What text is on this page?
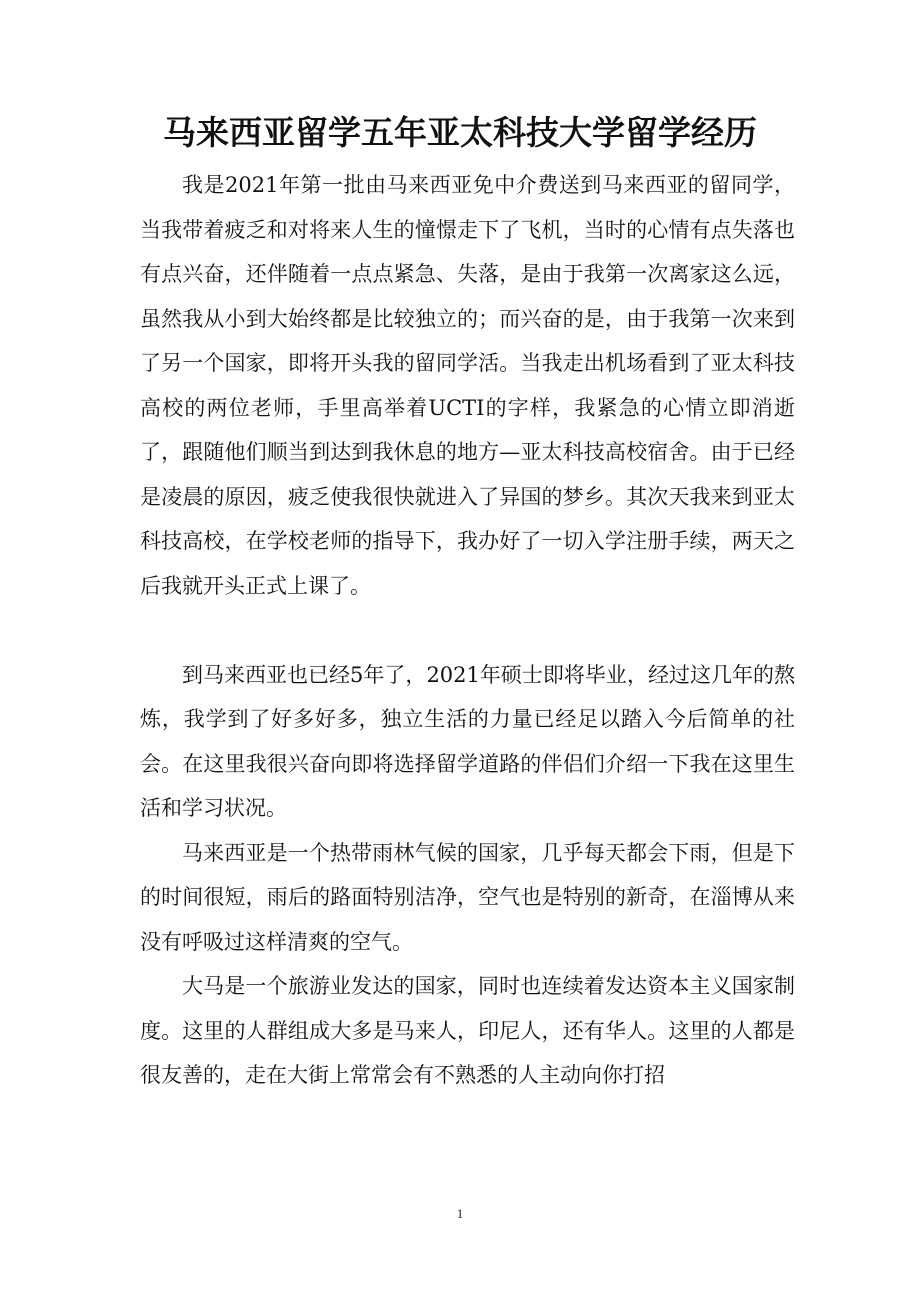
马来西亚留学五年亚太科技大学留学经历

我是2021年第一批由马来西亚免中介费送到马来西亚的留同学，当我带着疲乏和对将来人生的憧憬走下了飞机，当时的心情有点失落也有点兴奋，还伴随着一点点紧急、失落，是由于我第一次离家这么远，虽然我从小到大始终都是比较独立的；而兴奋的是，由于我第一次来到了另一个国家，即将开头我的留同学活。当我走出机场看到了亚太科技高校的两位老师，手里高举着UCTI的字样，我紧急的心情立即消逝了，跟随他们顺当到达到我休息的地方—亚太科技高校宿舍。由于已经是凌晨的原因，疲乏使我很快就进入了异国的梦乡。其次天我来到亚太科技高校，在学校老师的指导下，我办好了一切入学注册手续，两天之后我就开头正式上课了。

到马来西亚也已经5年了，2021年硕士即将毕业，经过这几年的熬炼，我学到了好多好多，独立生活的力量已经足以踏入今后简单的社会。在这里我很兴奋向即将选择留学道路的伴侣们介绍一下我在这里生活和学习状况。

马来西亚是一个热带雨林气候的国家，几乎每天都会下雨，但是下的时间很短，雨后的路面特别洁净，空气也是特别的新奇，在淄博从来没有呼吸过这样清爽的空气。

大马是一个旅游业发达的国家，同时也连续着发达资本主义国家制度。这里的人群组成大多是马来人，印尼人，还有华人。这里的人都是很友善的，走在大街上常常会有不熟悉的人主动向你打招

1
